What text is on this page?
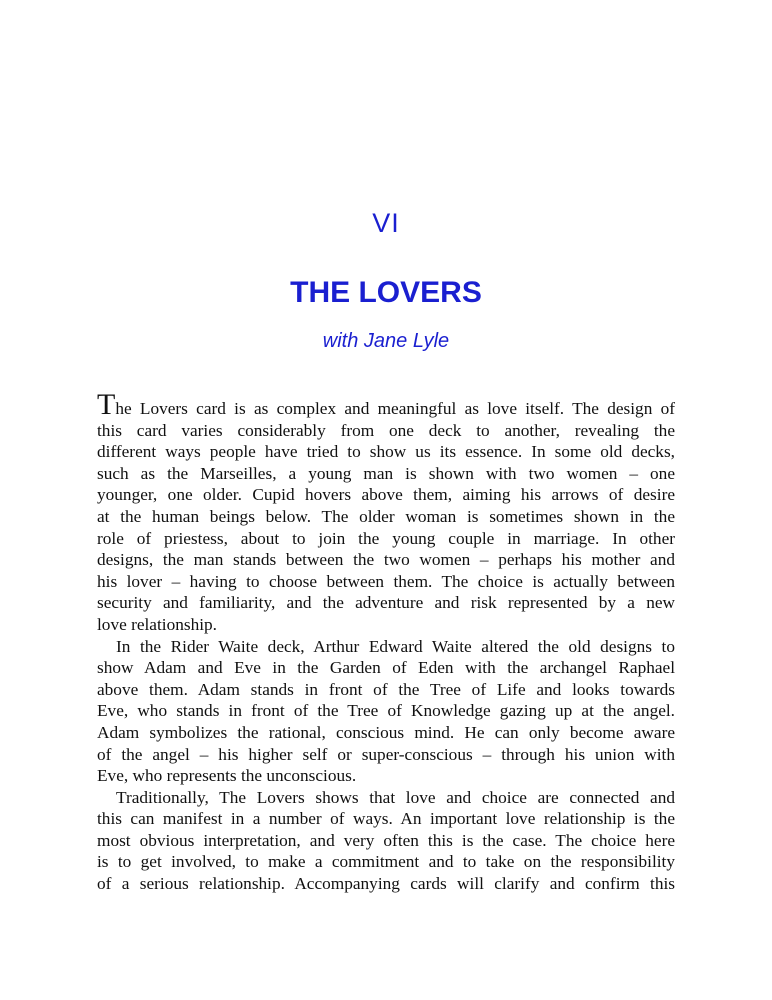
VI
THE LOVERS
with Jane Lyle
The Lovers card is as complex and meaningful as love itself. The design of
this card varies considerably from one deck to another, revealing the
different ways people have tried to show us its essence. In some old decks,
such as the Marseilles, a young man is shown with two women – one
younger, one older. Cupid hovers above them, aiming his arrows of desire
at the human beings below. The older woman is sometimes shown in the
role of priestess, about to join the young couple in marriage. In other
designs, the man stands between the two women – perhaps his mother and
his lover – having to choose between them. The choice is actually between
security and familiarity, and the adventure and risk represented by a new
love relationship.
In the Rider Waite deck, Arthur Edward Waite altered the old designs to
show Adam and Eve in the Garden of Eden with the archangel Raphael
above them. Adam stands in front of the Tree of Life and looks towards
Eve, who stands in front of the Tree of Knowledge gazing up at the angel.
Adam symbolizes the rational, conscious mind. He can only become aware
of the angel – his higher self or super-conscious – through his union with
Eve, who represents the unconscious.
Traditionally, The Lovers shows that love and choice are connected and
this can manifest in a number of ways. An important love relationship is the
most obvious interpretation, and very often this is the case. The choice here
is to get involved, to make a commitment and to take on the responsibility
of a serious relationship. Accompanying cards will clarify and confirm this
